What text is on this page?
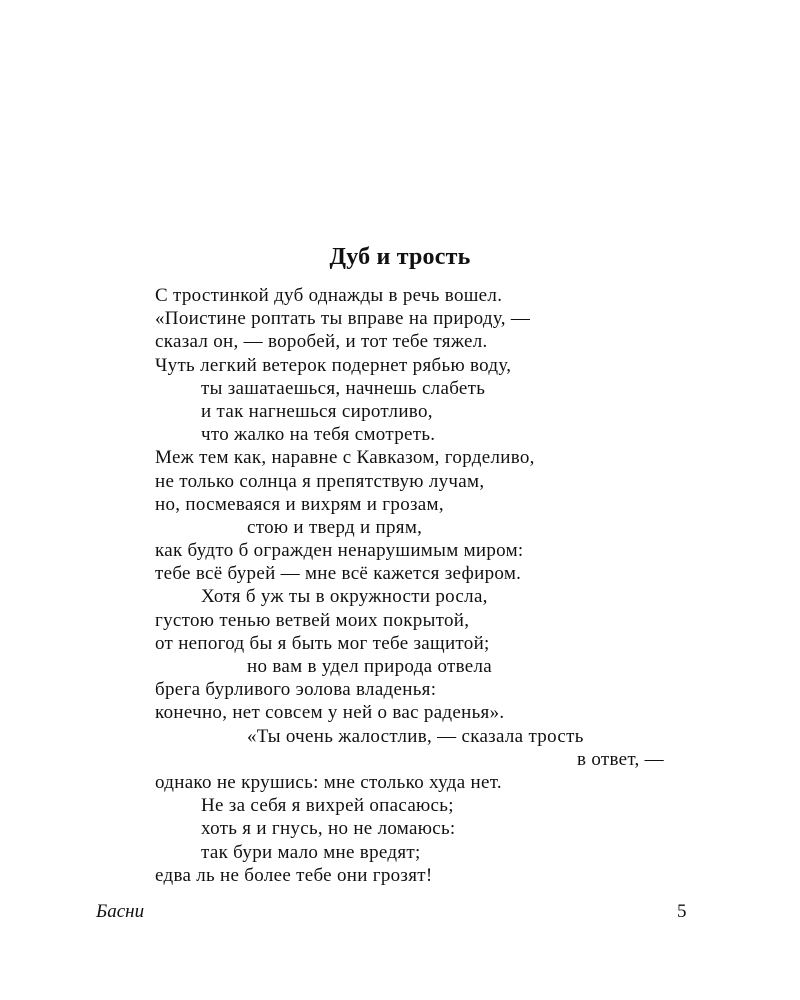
Дуб и трость
С тростинкой дуб однажды в речь вошел.
«Поистине роптать ты вправе на природу, —
сказал он, — воробей, и тот тебе тяжел.
Чуть легкий ветерок подернет рябью воду,
ты зашатаешься, начнешь слабеть
и так нагнешься сиротливо,
что жалко на тебя смотреть.
Меж тем как, наравне с Кавказом, горделиво,
не только солнца я препятствую лучам,
но, посмеваяся и вихрям и грозам,
стою и тверд и прям,
как будто б огражден ненарушимым миром:
тебе всё бурей — мне всё кажется зефиром.
Хотя б уж ты в окружности росла,
густою тенью ветвей моих покрытой,
от непогод бы я быть мог тебе защитой;
но вам в удел природа отвела
брега бурливого эолова владенья:
конечно, нет совсем у ней о вас раденья».
«Ты очень жалостлив, — сказала трость
в ответ, —
однако не крушись: мне столько худа нет.
Не за себя я вихрей опасаюсь;
хоть я и гнусь, но не ломаюсь:
так бури мало мне вредят;
едва ль не более тебе они грозят!
Басни	5
